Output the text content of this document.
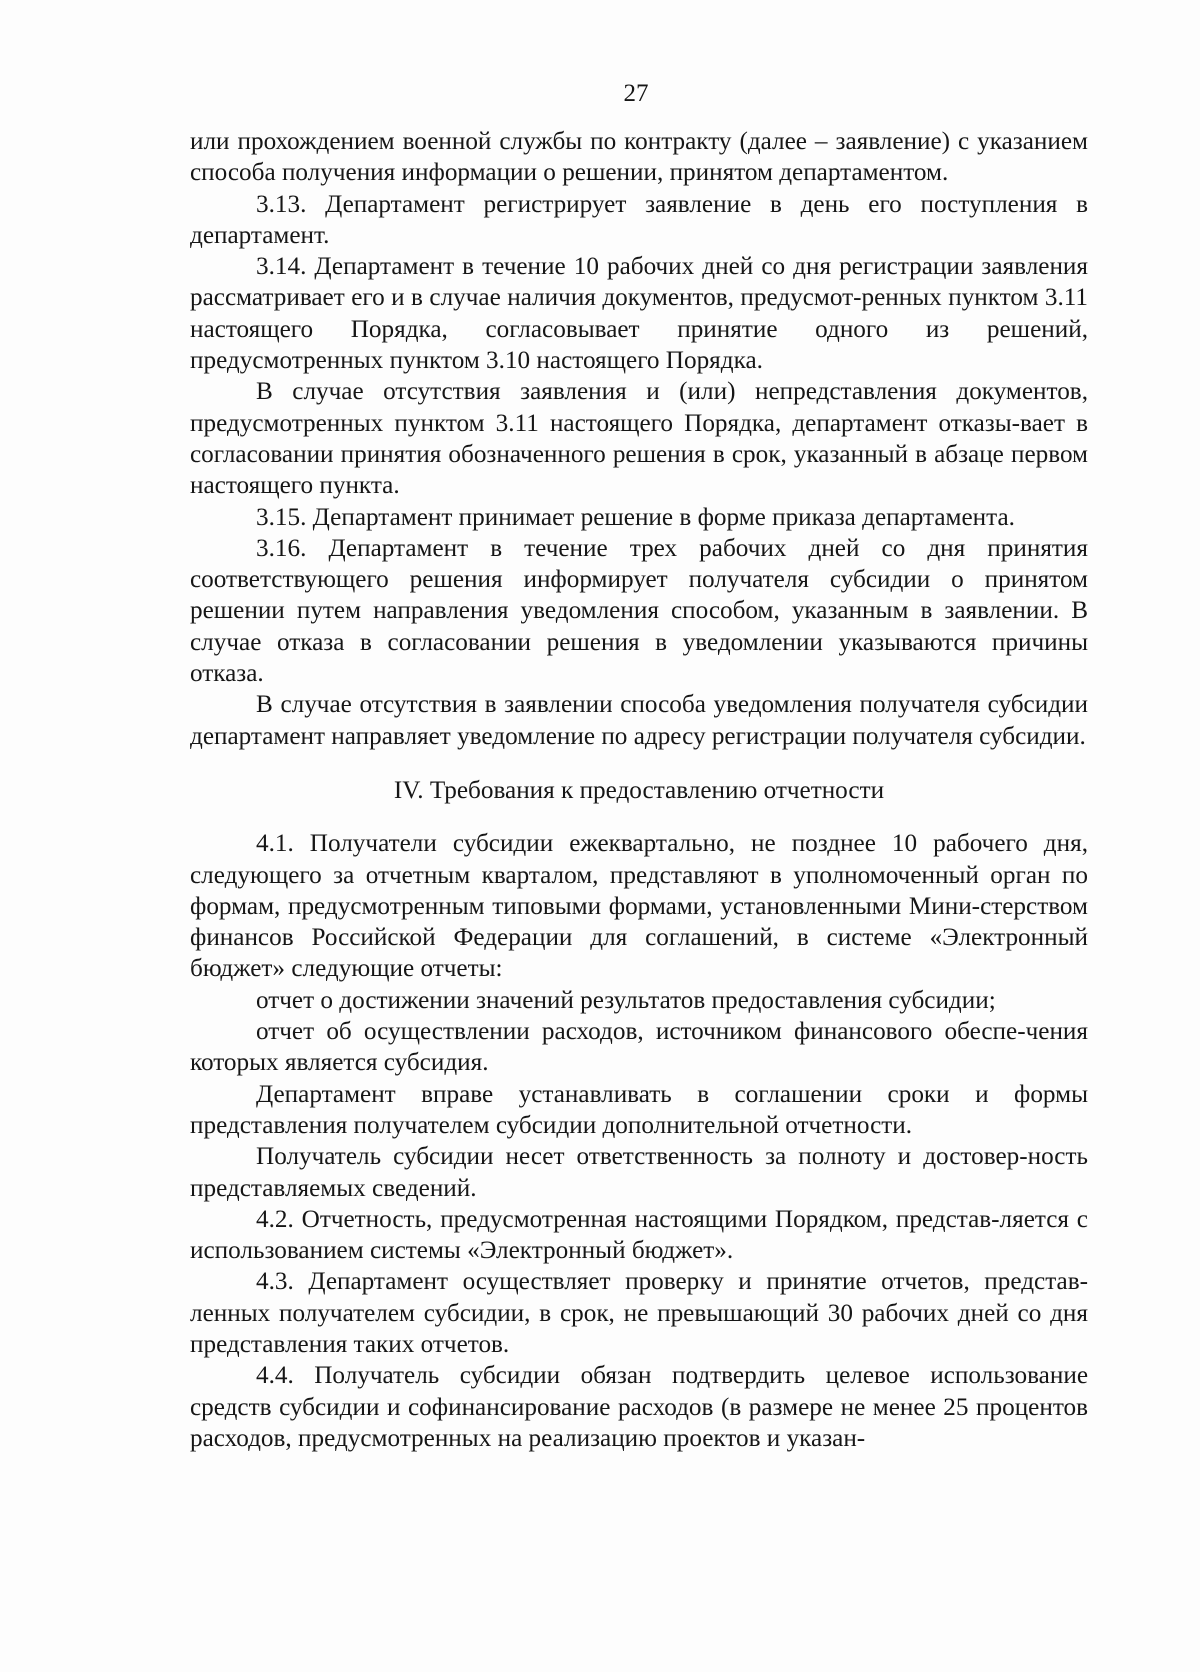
27

или прохождением военной службы по контракту (далее – заявление) с указанием способа получения информации о решении, принятом департаментом.

3.13. Департамент регистрирует заявление в день его поступления в департамент.

3.14. Департамент в течение 10 рабочих дней со дня регистрации заявления рассматривает его и в случае наличия документов, предусмот-ренных пунктом 3.11 настоящего Порядка, согласовывает принятие одного из решений, предусмотренных пунктом 3.10 настоящего Порядка.

В случае отсутствия заявления и (или) непредставления документов, предусмотренных пунктом 3.11 настоящего Порядка, департамент отказы-вает в согласовании принятия обозначенного решения в срок, указанный в абзаце первом настоящего пункта.

3.15. Департамент принимает решение в форме приказа департамента.

3.16. Департамент в течение трех рабочих дней со дня принятия соответствующего решения информирует получателя субсидии о принятом решении путем направления уведомления способом, указанным в заявлении. В случае отказа в согласовании решения в уведомлении указываются причины отказа.

В случае отсутствия в заявлении способа уведомления получателя субсидии департамент направляет уведомление по адресу регистрации получателя субсидии.

IV. Требования к предоставлению отчетности

4.1. Получатели субсидии ежеквартально, не позднее 10 рабочего дня, следующего за отчетным кварталом, представляют в уполномоченный орган по формам, предусмотренным типовыми формами, установленными Мини-стерством финансов Российской Федерации для соглашений, в системе «Электронный бюджет» следующие отчеты:

отчет о достижении значений результатов предоставления субсидии;

отчет об осуществлении расходов, источником финансового обеспе-чения которых является субсидия.

Департамент вправе устанавливать в соглашении сроки и формы представления получателем субсидии дополнительной отчетности.

Получатель субсидии несет ответственность за полноту и достовер-ность представляемых сведений.

4.2. Отчетность, предусмотренная настоящими Порядком, представ-ляется с использованием системы «Электронный бюджет».

4.3. Департамент осуществляет проверку и принятие отчетов, представ-ленных получателем субсидии, в срок, не превышающий 30 рабочих дней со дня представления таких отчетов.

4.4. Получатель субсидии обязан подтвердить целевое использование средств субсидии и софинансирование расходов (в размере не менее 25 процентов расходов, предусмотренных на реализацию проектов и указан-
